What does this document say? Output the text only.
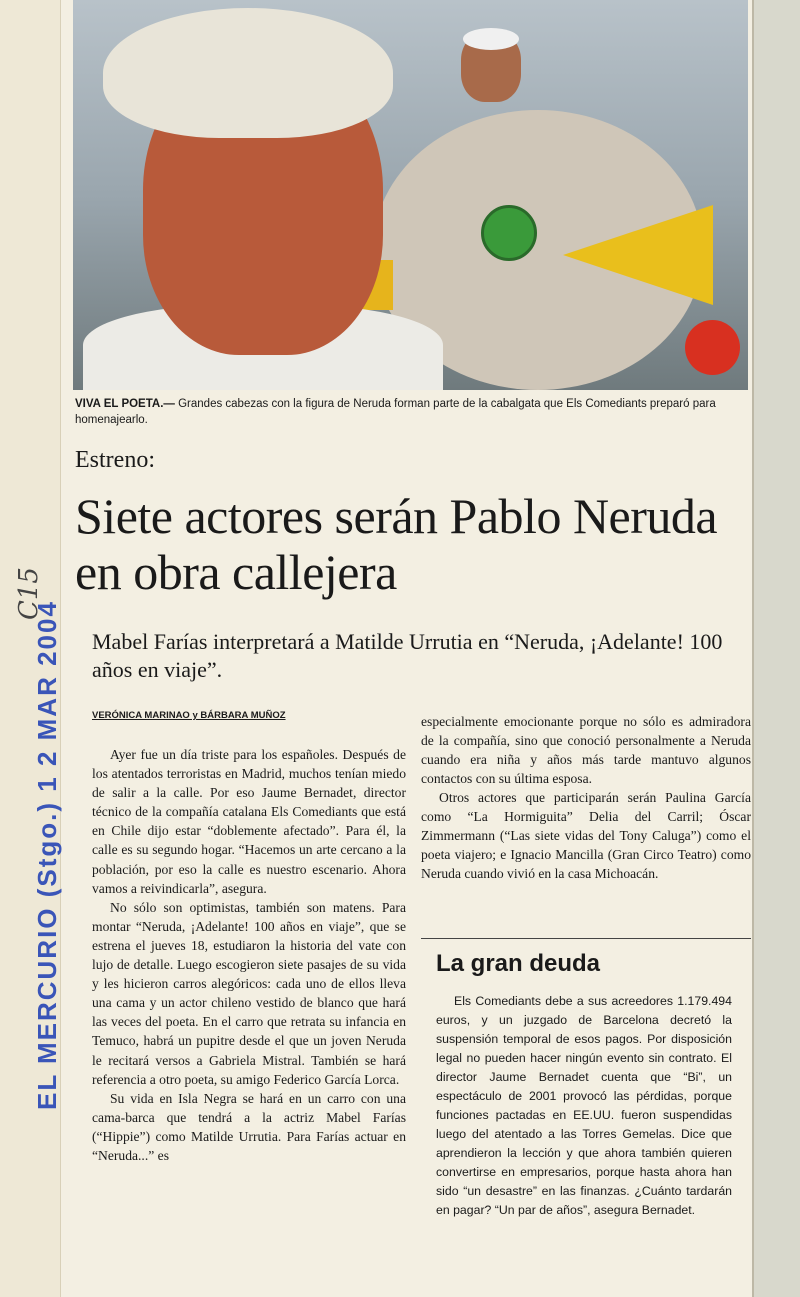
C15
EL MERCURIO (Stgo.) 1 2 MAR 2004
VIVA EL POETA.— Grandes cabezas con la figura de Neruda forman parte de la cabalgata que Els Comediants preparó para homenajearlo.
Estreno:
Siete actores serán Pablo Neruda en obra callejera
Mabel Farías interpretará a Matilde Urrutia en “Neruda, ¡Adelante! 100 años en viaje”.
VERÓNICA MARINAO y BÁRBARA MUÑOZ

Ayer fue un día triste para los españoles. Después de los atentados terroristas en Madrid, muchos tenían miedo de salir a la calle. Por eso Jaume Bernadet, director técnico de la compañía catalana Els Comediants que está en Chile dijo estar “doblemente afectado”. Para él, la calle es su segundo hogar. “Hacemos un arte cercano a la población, por eso la calle es nuestro escenario. Ahora vamos a reivindicarla”, asegura.

No sólo son optimistas, también son matens. Para montar “Neruda, ¡Adelante! 100 años en viaje”, que se estrena el jueves 18, estudiaron la historia del vate con lujo de detalle. Luego escogieron siete pasajes de su vida y les hicieron carros alegóricos: cada uno de ellos lleva una cama y un actor chileno vestido de blanco que hará las veces del poeta. En el carro que retrata su infancia en Temuco, habrá un pupitre desde el que un joven Neruda le recitará versos a Gabriela Mistral. También se hará referencia a otro poeta, su amigo Federico García Lorca.

Su vida en Isla Negra se hará en un carro con una cama-barca que tendrá a la actriz Mabel Farías (“Hippie”) como Matilde Urrutia. Para Farías actuar en “Neruda...” es

especialmente emocionante porque no sólo es admiradora de la compañía, sino que conoció personalmente a Neruda cuando era niña y años más tarde mantuvo algunos contactos con su última esposa.

Otros actores que participarán serán Paulina García como “La Hormiguita” Delia del Carril; Óscar Zimmermann (“Las siete vidas del Tony Caluga”) como el poeta viajero; e Ignacio Mancilla (Gran Circo Teatro) como Neruda cuando vivió en la casa Michoacán.

La gran deuda

Els Comediants debe a sus acreedores 1.179.494 euros, y un juzgado de Barcelona decretó la suspensión temporal de esos pagos. Por disposición legal no pueden hacer ningún evento sin contrato. El director Jaume Bernadet cuenta que “Bi”, un espectáculo de 2001 provocó las pérdidas, porque funciones pactadas en EE.UU. fueron suspendidas luego del atentado a las Torres Gemelas. Dice que aprendieron la lección y que ahora también quieren convertirse en empresarios, porque hasta ahora han sido “un desastre” en las finanzas. ¿Cuánto tardarán en pagar? “Un par de años”, asegura Bernadet.
